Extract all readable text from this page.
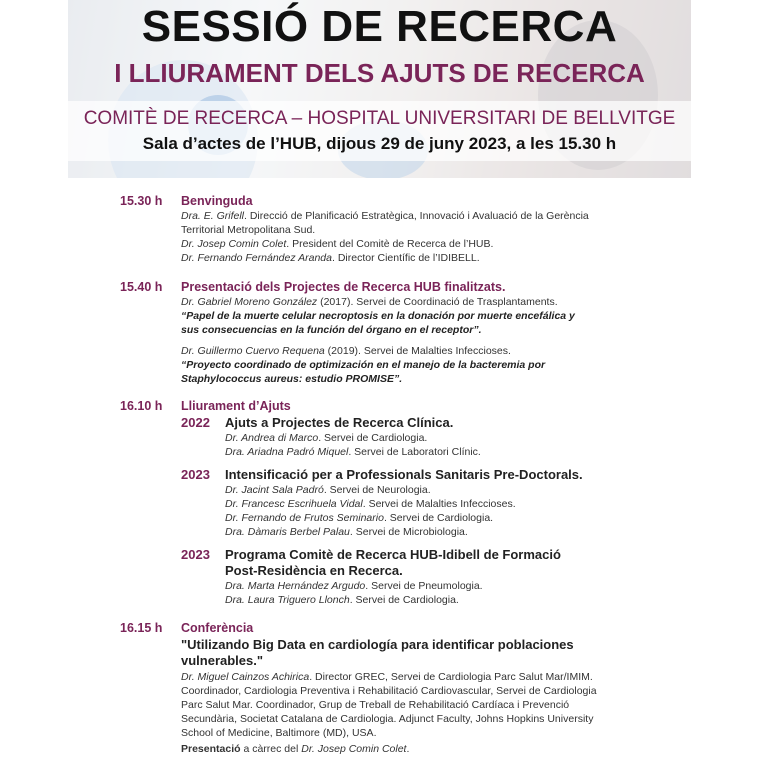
SESSIÓ DE RECERCA
I LLIURAMENT DELS AJUTS DE RECERCA
COMITÈ DE RECERCA – HOSPITAL UNIVERSITARI DE BELLVITGE
Sala d’actes de l’HUB, dijous 29 de juny 2023, a les 15.30 h
15.30 h Benvinguda
Dra. E. Grifell. Direcció de Planificació Estratègica, Innovació i Avaluació de la Gerència
Territorial Metropolitana Sud.
Dr. Josep Comin Colet. President del Comitè de Recerca de l’HUB.
Dr. Fernando Fernández Aranda. Director Científic de l’IDIBELL.
15.40 h Presentació dels Projectes de Recerca HUB finalitzats.
Dr. Gabriel Moreno González (2017). Servei de Coordinació de Trasplantaments.
“Papel de la muerte celular necroptosis en la donación por muerte encefálica y
sus consecuencias en la función del órgano en el receptor”.
Dr. Guillermo Cuervo Requena (2019). Servei de Malalties Infeccioses.
“Proyecto coordinado de optimización en el manejo de la bacteremia por
Staphylococcus aureus: estudio PROMISE”.
16.10 h Lliurament d’Ajuts
2022 Ajuts a Projectes de Recerca Clínica.
Dr. Andrea di Marco. Servei de Cardiologia.
Dra. Ariadna Padró Miquel. Servei de Laboratori Clínic.
2023 Intensificació per a Professionals Sanitaris Pre-Doctorals.
Dr. Jacint Sala Padró. Servei de Neurologia.
Dr. Francesc Escrihuela Vidal. Servei de Malalties Infeccioses.
Dr. Fernando de Frutos Seminario. Servei de Cardiologia.
Dra. Dàmaris Berbel Palau. Servei de Microbiologia.
2023 Programa Comitè de Recerca HUB-Idibell de Formació
Post-Residència en Recerca.
Dra. Marta Hernández Argudo. Servei de Pneumologia.
Dra. Laura Triguero Llonch. Servei de Cardiologia.
16.15 h Conferència
"Utilizando Big Data en cardiología para identificar poblaciones
vulnerables."
Dr. Miguel Cainzos Achirica. Director GREC, Servei de Cardiologia Parc Salut Mar/IMIM.
Coordinador, Cardiologia Preventiva i Rehabilitació Cardiovascular, Servei de Cardiologia
Parc Salut Mar. Coordinador, Grup de Treball de Rehabilitació Cardíaca i Prevenció
Secundària, Societat Catalana de Cardiologia. Adjunct Faculty, Johns Hopkins University
School of Medicine, Baltimore (MD), USA.
Presentació a càrrec del Dr. Josep Comin Colet.
